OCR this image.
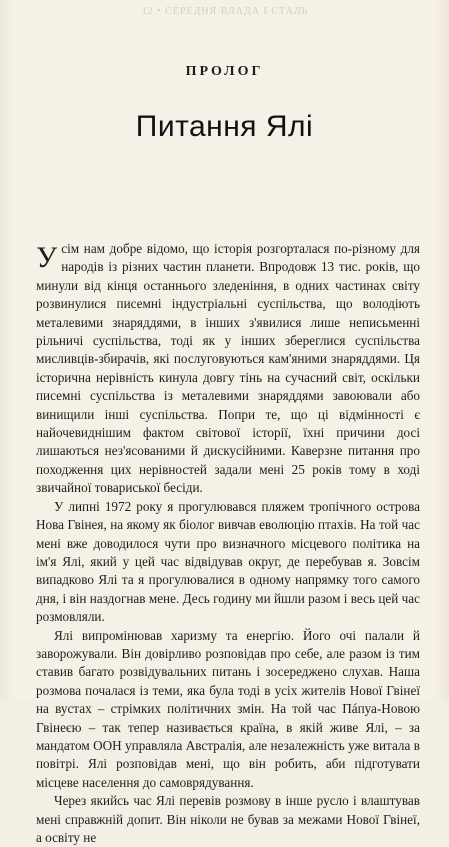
12 • СЕРЕДНЯ ВЛАДА І СТАЛЬ
ПРОЛОГ
Питання Ялі

Усім нам добре відомо, що історія розгорталася по-різному для народів із різних частин планети. Впродовж 13 тис. років, що минули від кінця останнього зледеніння, в одних частинах світу розвинулися писемні індустріальні суспільства, що володіють металевими знаряддями, в інших з'явилися лише неписьменні рільничі суспільства, тоді як у інших збереглися суспільства мисливців-збирачів, які послуговуються кам'яними знаряддями. Ця історична нерівність кинула довгу тінь на сучасний світ, оскільки писемні суспільства із металевими знаряддями завоювали або винищили інші суспільства. Попри те, що ці відмінності є найочевиднішим фактом світової історії, їхні причини досі лишаються нез'ясованими й дискусійними. Каверзне питання про походження цих нерівностей задали мені 25 років тому в ході звичайної товариської бесіди.

У липні 1972 року я прогулювався пляжем тропічного острова Нова Гвінея, на якому як біолог вивчав еволюцію птахів. На той час мені вже доводилося чути про визначного місцевого політика на ім'я Ялі, який у цей час відвідував округ, де перебував я. Зовсім випадково Ялі та я прогулювалися в одному напрямку того самого дня, і він наздогнав мене. Десь годину ми йшли разом і весь цей час розмовляли.

Ялі випромінював харизму та енергію. Його очі палали й заворожували. Він довірливо розповідав про себе, але разом із тим ставив багато розвідувальних питань і зосереджено слухав. Наша розмова почалася із теми, яка була тоді в усіх жителів Нової Гвінеї на вустах – стрімких політичних змін. На той час Пáпуа-Новою Гвінеєю – так тепер називається країна, в якій живе Ялі, – за мандатом ООН управляла Австралія, але незалежність уже витала в повітрі. Ялі розповідав мені, що він робить, аби підготувати місцеве населення до самоврядування.

Через якийсь час Ялі перевів розмову в інше русло і влаштував мені справжній допит. Він ніколи не бував за межами Нової Гвінеї, а освіту не
